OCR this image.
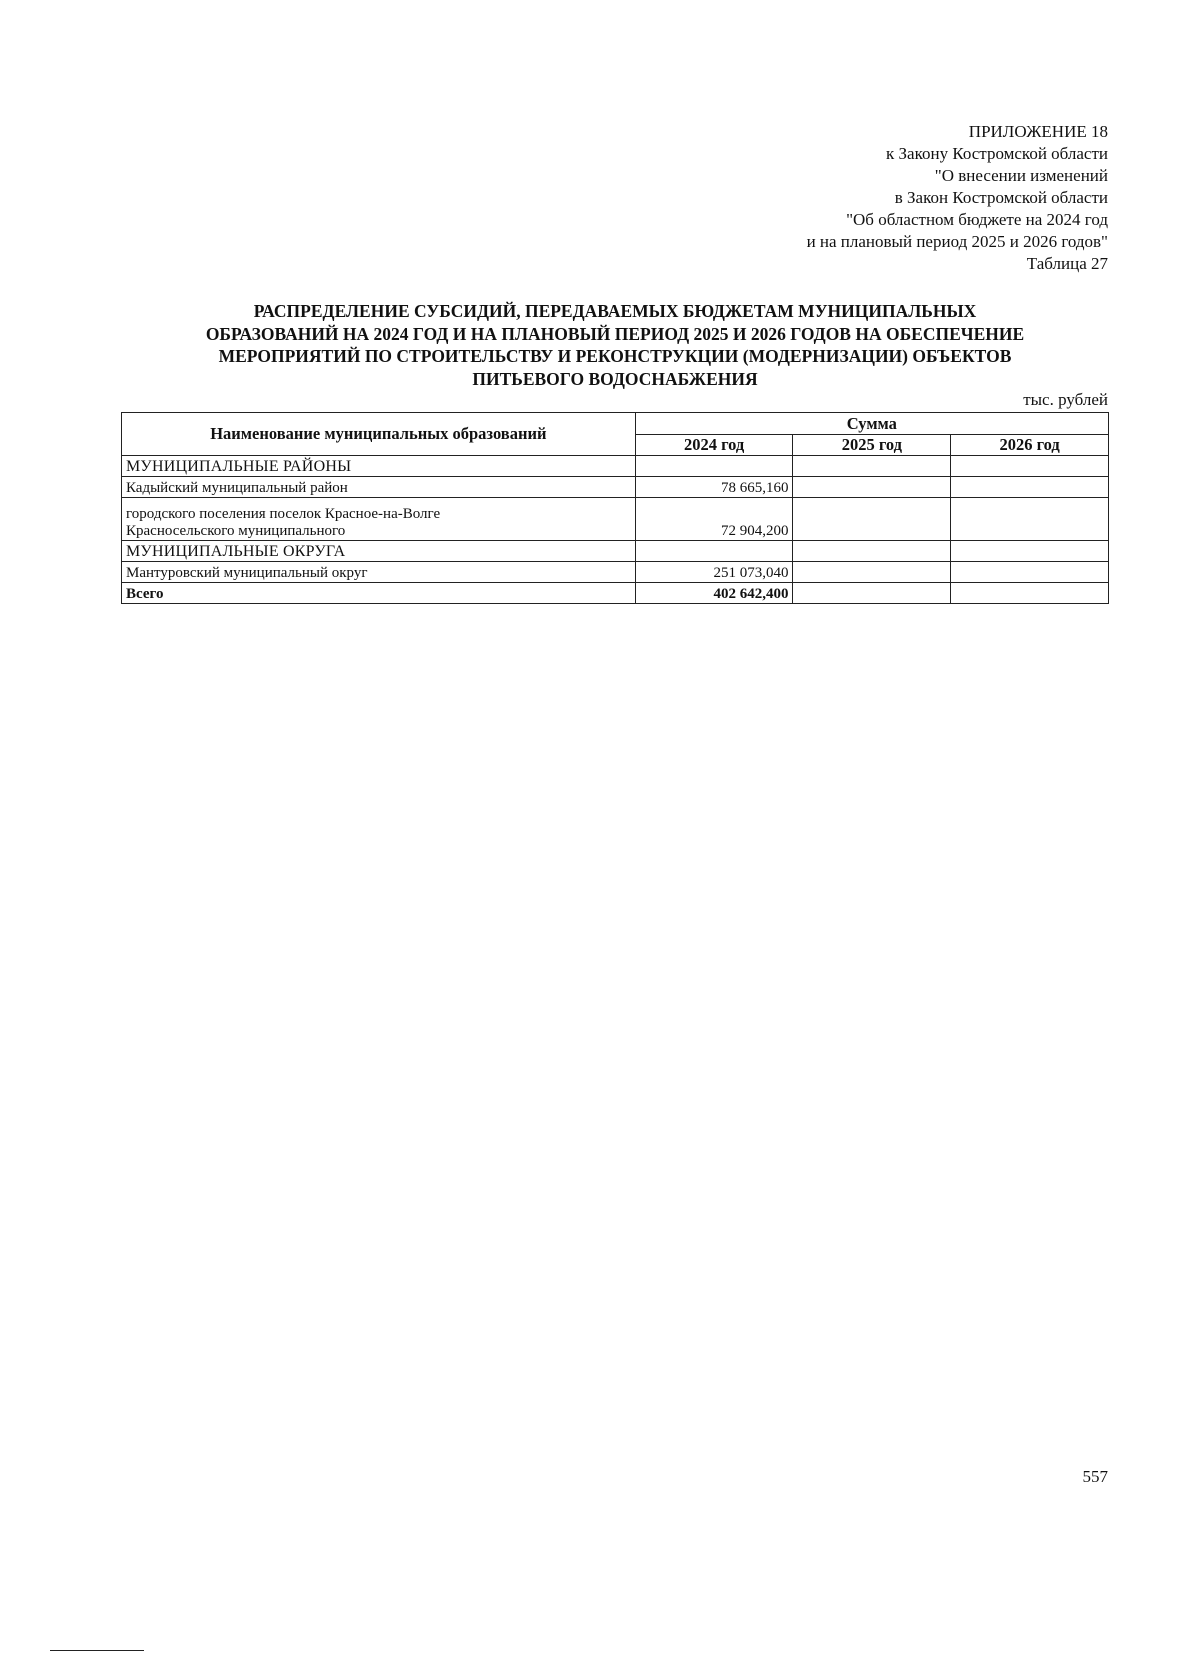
ПРИЛОЖЕНИЕ 18
к Закону Костромской области
"О внесении изменений
в Закон Костромской области
"Об областном бюджете на 2024 год
и на плановый период 2025 и 2026 годов"
Таблица 27
РАСПРЕДЕЛЕНИЕ СУБСИДИЙ, ПЕРЕДАВАЕМЫХ БЮДЖЕТАМ МУНИЦИПАЛЬНЫХ
ОБРАЗОВАНИЙ НА 2024 ГОД И НА ПЛАНОВЫЙ ПЕРИОД 2025 И 2026 ГОДОВ НА ОБЕСПЕЧЕНИЕ
МЕРОПРИЯТИЙ ПО СТРОИТЕЛЬСТВУ И РЕКОНСТРУКЦИИ (МОДЕРНИЗАЦИИ) ОБЪЕКТОВ
ПИТЬЕВОГО ВОДОСНАБЖЕНИЯ
тыс. рублей
Наименование муниципальных образований	Сумма		
	2024 год	2025 год	2026 год
МУНИЦИПАЛЬНЫЕ РАЙОНЫ			
Кадыйский муниципальный район	78 665,160		

городского поселения поселок Красное-на-Волге
Красносельского муниципального	72 904,200		
МУНИЦИПАЛЬНЫЕ ОКРУГА			
Мантуровский муниципальный округ	251 073,040		
Всего	402 642,400		
557
